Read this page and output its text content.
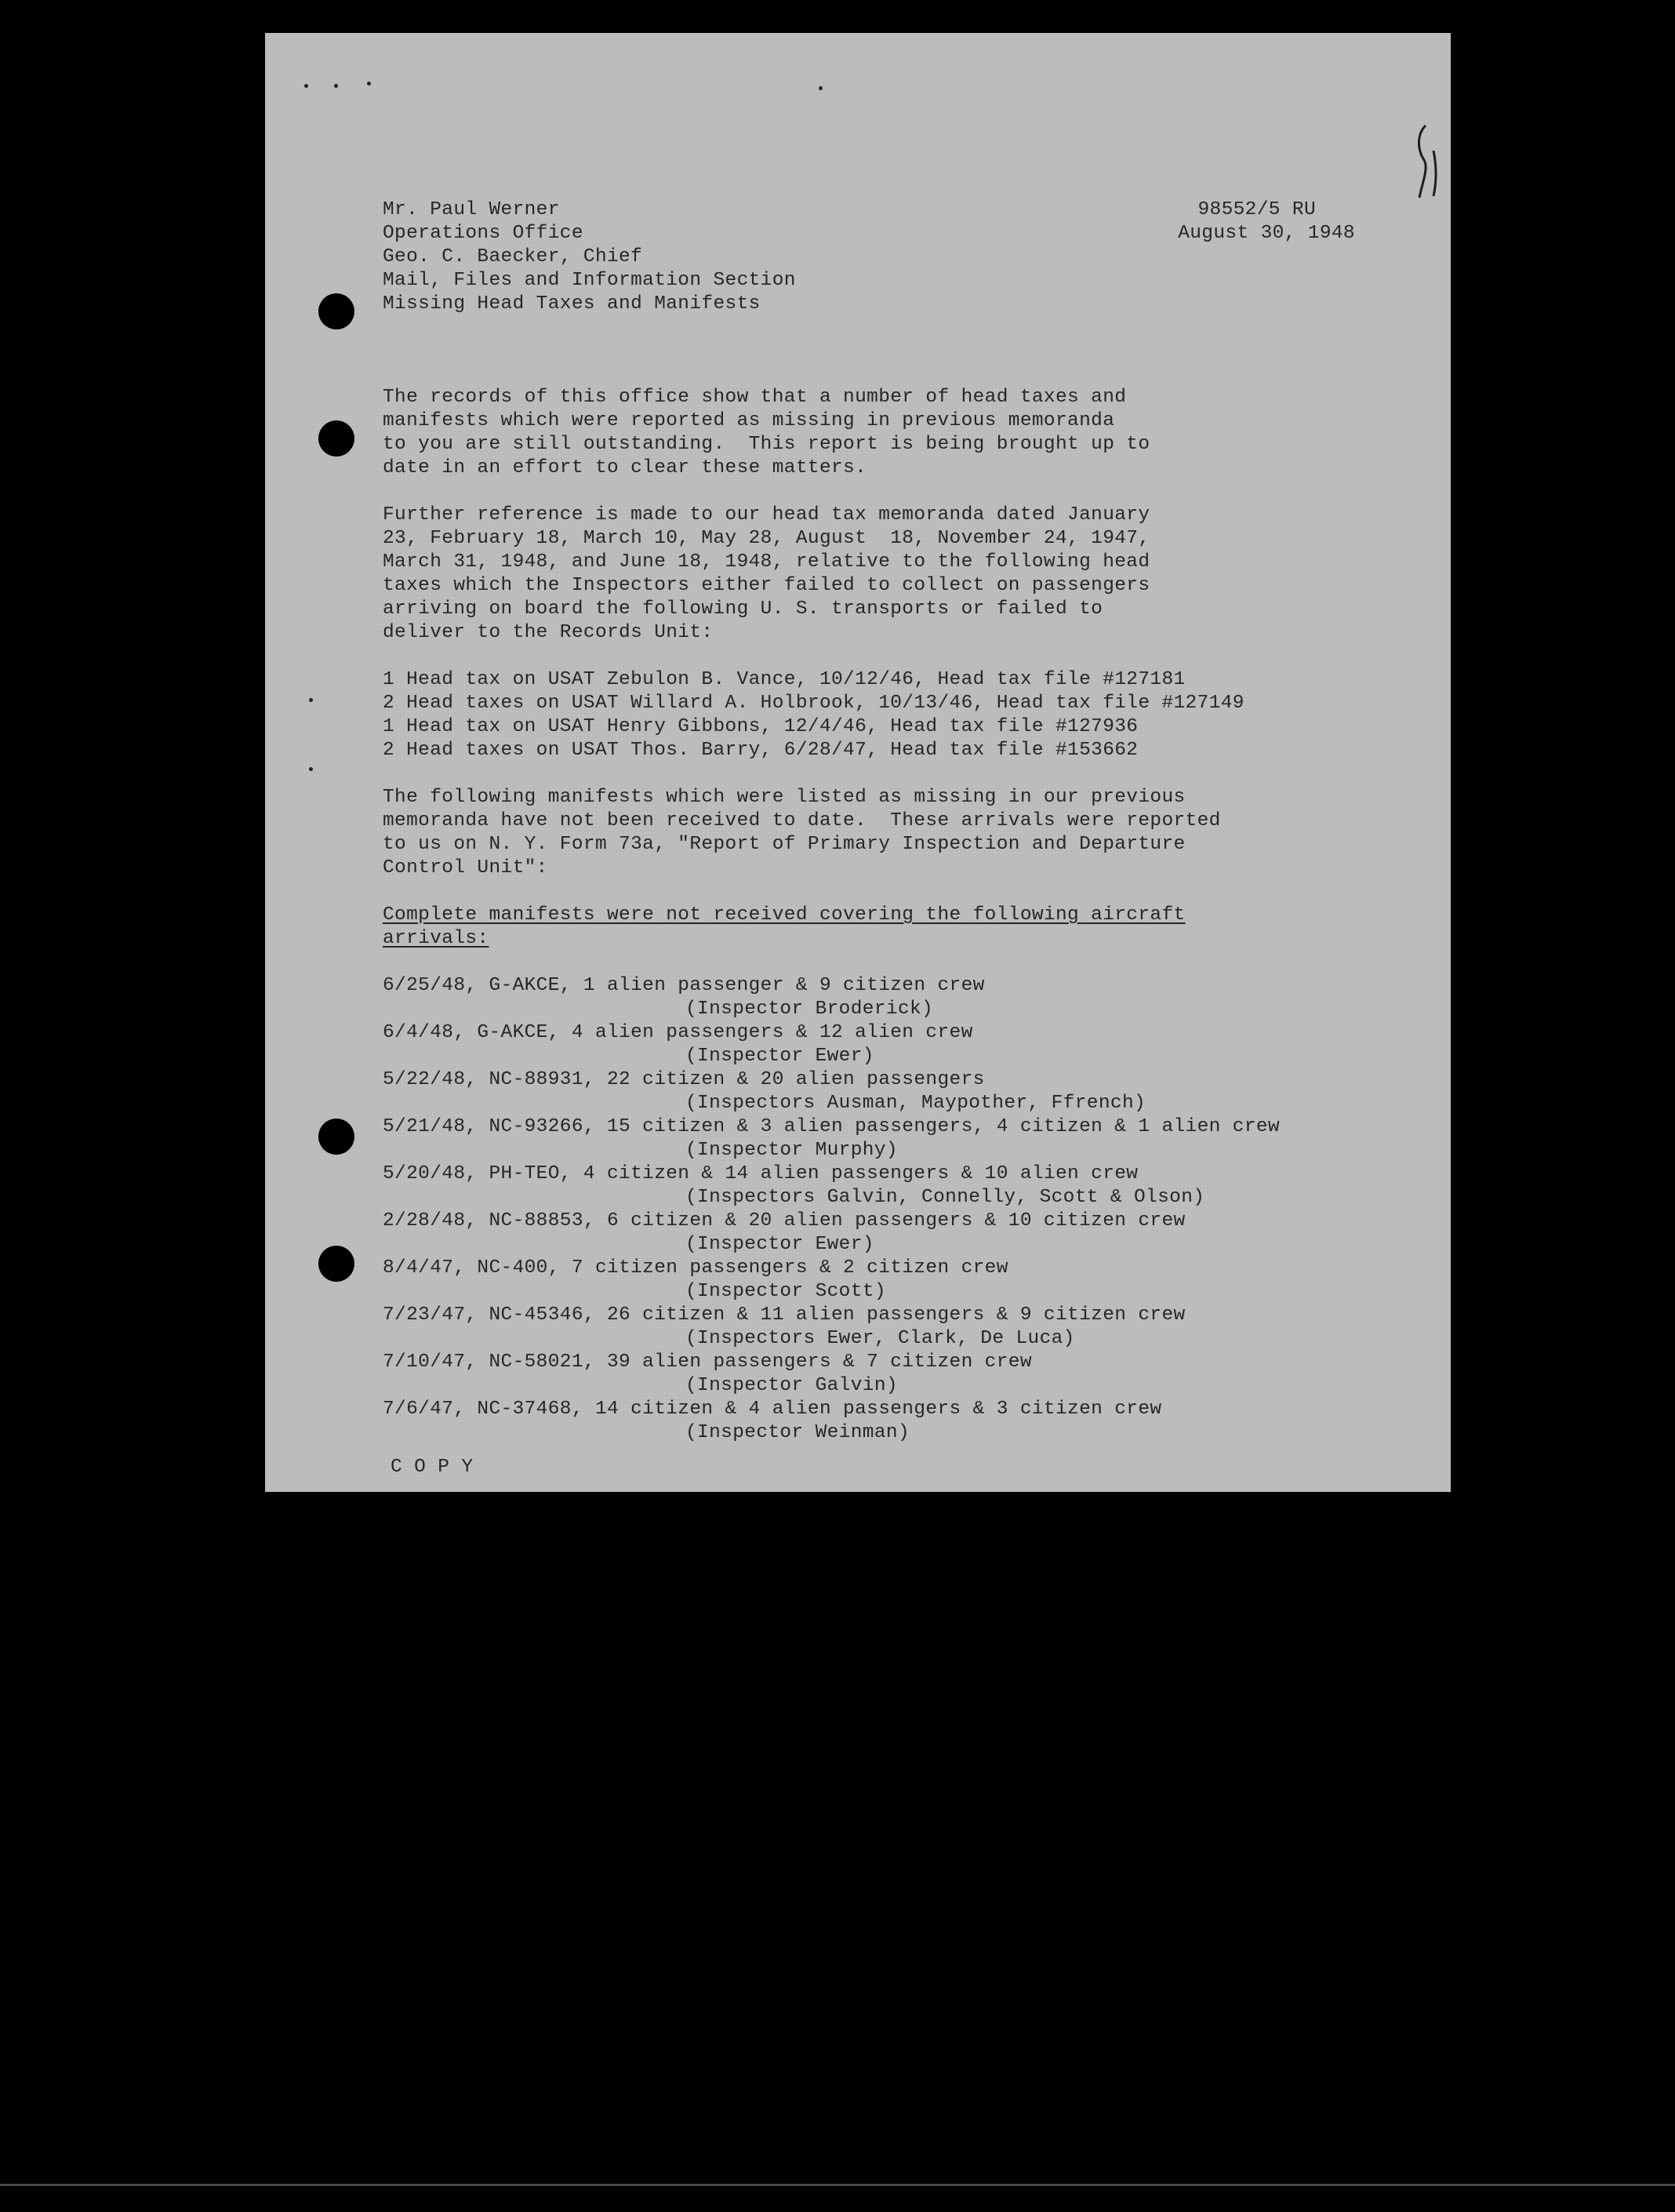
Mr. Paul Werner
Operations Office
Geo. C. Baecker, Chief
Mail, Files and Information Section
Missing Head Taxes and Manifests
98552/5 RU
August 30, 1948
The records of this office show that a number of head taxes and
manifests which were reported as missing in previous memoranda
to you are still outstanding.  This report is being brought up to
date in an effort to clear these matters.
Further reference is made to our head tax memoranda dated January
23, February 18, March 10, May 28, August  18, November 24, 1947,
March 31, 1948, and June 18, 1948, relative to the following head
taxes which the Inspectors either failed to collect on passengers
arriving on board the following U. S. transports or failed to
deliver to the Records Unit:
1 Head tax on USAT Zebulon B. Vance, 10/12/46, Head tax file #127181
2 Head taxes on USAT Willard A. Holbrook, 10/13/46, Head tax file #127149
1 Head tax on USAT Henry Gibbons, 12/4/46, Head tax file #127936
2 Head taxes on USAT Thos. Barry, 6/28/47, Head tax file #153662
The following manifests which were listed as missing in our previous
memoranda have not been received to date.  These arrivals were reported
to us on N. Y. Form 73a, "Report of Primary Inspection and Departure
Control Unit":
Complete manifests were not received covering the following aircraft
arrivals:
6/25/48, G-AKCE, 1 alien passenger & 9 citizen crew
(Inspector Broderick)
6/4/48, G-AKCE, 4 alien passengers & 12 alien crew
(Inspector Ewer)
5/22/48, NC-88931, 22 citizen & 20 alien passengers
(Inspectors Ausman, Maypother, Ffrench)
5/21/48, NC-93266, 15 citizen & 3 alien passengers, 4 citizen & 1 alien crew
(Inspector Murphy)
5/20/48, PH-TEO, 4 citizen & 14 alien passengers & 10 alien crew
(Inspectors Galvin, Connelly, Scott & Olson)
2/28/48, NC-88853, 6 citizen & 20 alien passengers & 10 citizen crew
(Inspector Ewer)
8/4/47, NC-400, 7 citizen passengers & 2 citizen crew
(Inspector Scott)
7/23/47, NC-45346, 26 citizen & 11 alien passengers & 9 citizen crew
(Inspectors Ewer, Clark, De Luca)
7/10/47, NC-58021, 39 alien passengers & 7 citizen crew
(Inspector Galvin)
7/6/47, NC-37468, 14 citizen & 4 alien passengers & 3 citizen crew
(Inspector Weinman)
C O P Y
